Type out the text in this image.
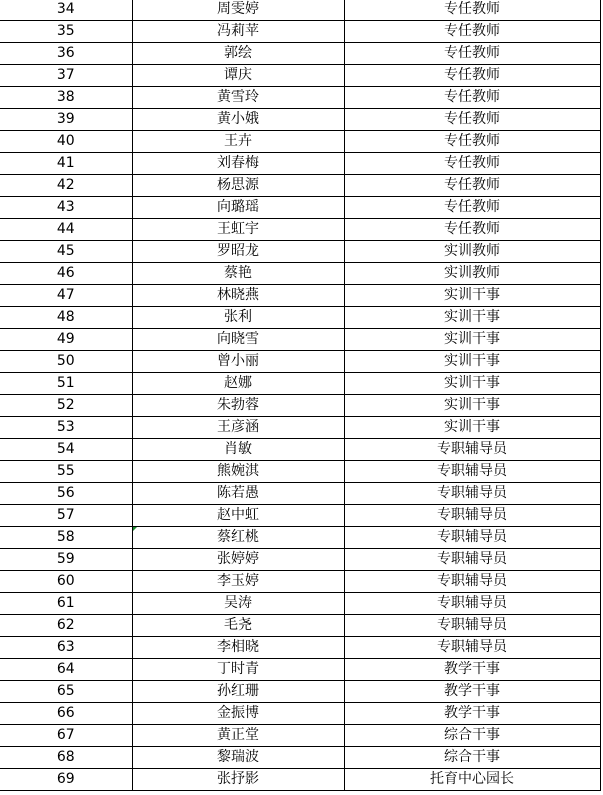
34	周雯婷	专任教师
35	冯莉苹	专任教师
36	郭绘	专任教师
37	谭庆	专任教师
38	黄雪玲	专任教师
39	黄小娥	专任教师
40	王卉	专任教师
41	刘春梅	专任教师
42	杨思源	专任教师
43	向璐瑶	专任教师
44	王虹宇	专任教师
45	罗昭龙	实训教师
46	蔡艳	实训教师
47	林晓燕	实训干事
48	张利	实训干事
49	向晓雪	实训干事
50	曾小丽	实训干事
51	赵娜	实训干事
52	朱勃蓉	实训干事
53	王彦涵	实训干事
54	肖敏	专职辅导员
55	熊婉淇	专职辅导员
56	陈若愚	专职辅导员
57	赵中虹	专职辅导员
58	蔡红桃	专职辅导员
59	张婷婷	专职辅导员
60	李玉婷	专职辅导员
61	吴涛	专职辅导员
62	毛尧	专职辅导员
63	李相晓	专职辅导员
64	丁时青	教学干事
65	孙红珊	教学干事
66	金振博	教学干事
67	黄正堂	综合干事
68	黎瑞波	综合干事
69	张抒影	托育中心园长
